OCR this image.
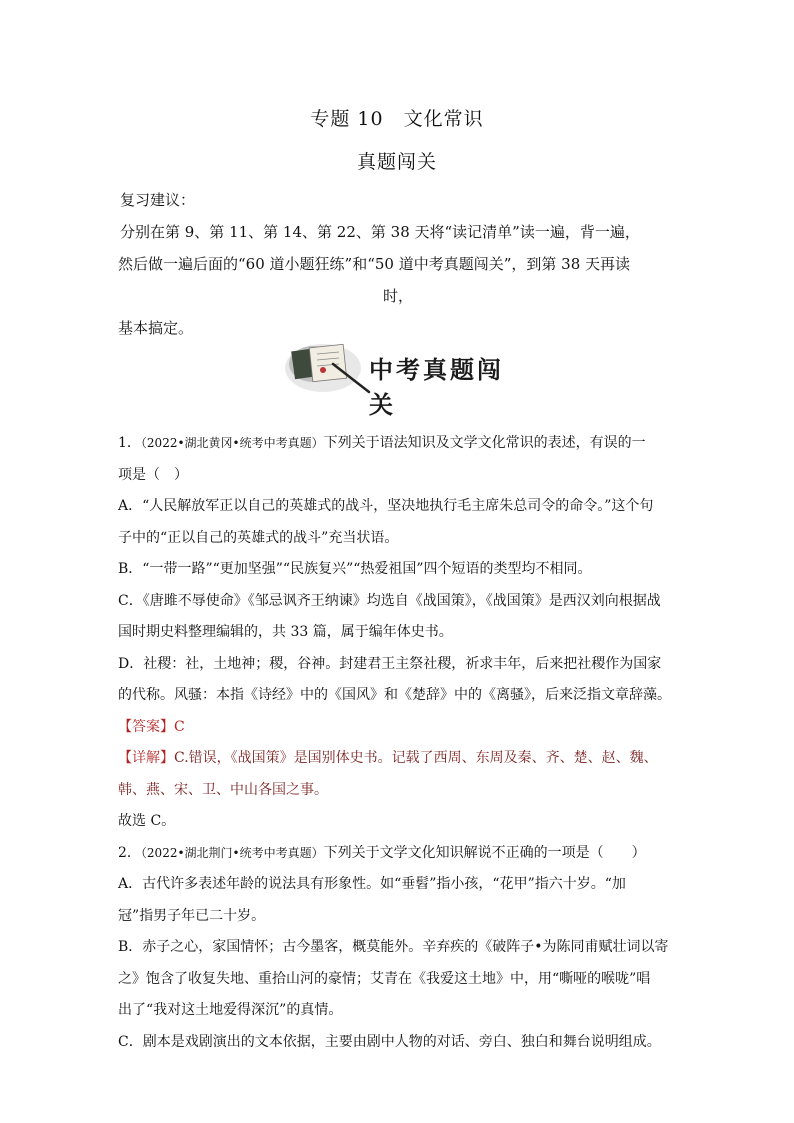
专题 10　文化常识
真题闯关
复习建议：
分别在第 9、第 11、第 14、第 22、第 38 天将“读记清单”读一遍，背一遍，
然后做一遍后面的“60 道小题狂练”和“50 道中考真题闯关”，到第 38 天再读
时，
基本搞定。
中考真题闯关

1．（2022•湖北黄冈•统考中考真题）下列关于语法知识及文学文化常识的表述，有误的一

项是（　）

A．“人民解放军正以自己的英雄式的战斗，坚决地执行毛主席朱总司令的命令。”这个句

子中的“正以自己的英雄式的战斗”充当状语。

B．“一带一路”“更加坚强”“民族复兴”“热爱祖国”四个短语的类型均不相同。

C．《唐雎不辱使命》《邹忌讽齐王纳谏》均选自《战国策》，《战国策》是西汉刘向根据战

国时期史料整理编辑的，共 33 篇，属于编年体史书。

D．社稷：社，土地神；稷，谷神。封建君王主祭社稷，祈求丰年，后来把社稷作为国家

的代称。风骚：本指《诗经》中的《国风》和《楚辞》中的《离骚》，后来泛指文章辞藻。

【答案】C

【详解】C.错误，《战国策》是国别体史书。记载了西周、东周及秦、齐、楚、赵、魏、

韩、燕、宋、卫、中山各国之事。

故选 C。

2．（2022•湖北荆门•统考中考真题）下列关于文学文化知识解说不正确的一项是（　　）

A．古代许多表述年龄的说法具有形象性。如“垂髫”指小孩，“花甲”指六十岁。“加

冠”指男子年已二十岁。

B．赤子之心，家国情怀；古今墨客，概莫能外。辛弃疾的《破阵子•为陈同甫赋壮词以寄

之》饱含了收复失地、重拾山河的豪情；艾青在《我爱这土地》中，用“嘶哑的喉咙”唱

出了“我对这土地爱得深沉”的真情。

C．剧本是戏剧演出的文本依据，主要由剧中人物的对话、旁白、独白和舞台说明组成。
